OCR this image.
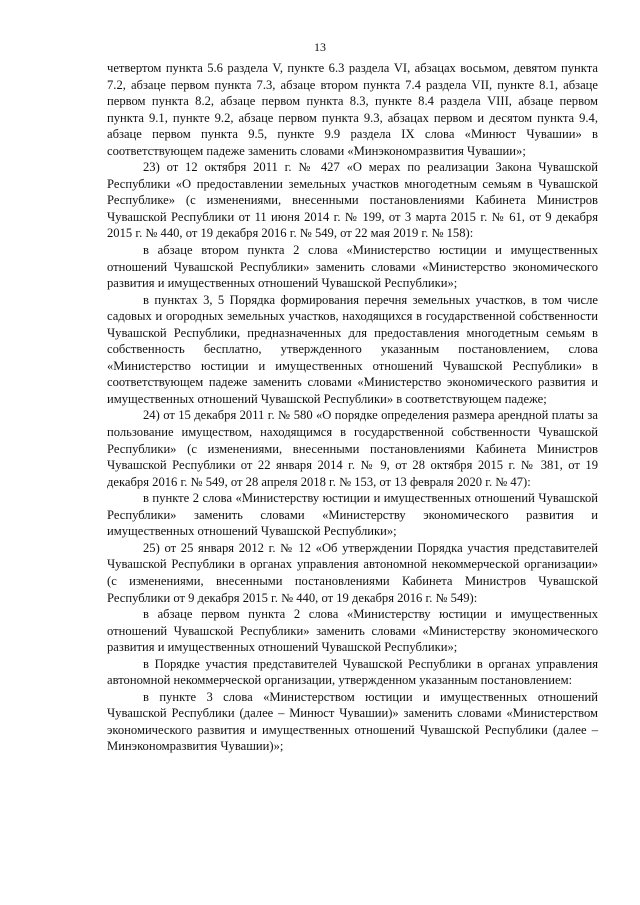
13

четвертом пункта 5.6 раздела V, пункте 6.3 раздела VI, абзацах восьмом, девятом пункта 7.2, абзаце первом пункта 7.3, абзаце втором пункта 7.4 раздела VII, пункте 8.1, абзаце первом пункта 8.2, абзаце первом пункта 8.3, пункте 8.4 раздела VIII, абзаце первом пункта 9.1, пункте 9.2, абзаце первом пункта 9.3, абзацах первом и десятом пункта 9.4, абзаце первом пункта 9.5, пункте 9.9 раздела IX слова «Минюст Чувашии» в соответствующем падеже заменить словами «Минэкономразвития Чувашии»;

23) от 12 октября 2011 г. № 427 «О мерах по реализации Закона Чувашской Республики «О предоставлении земельных участков многодетным семьям в Чувашской Республике» (с изменениями, внесенными постановлениями Кабинета Министров Чувашской Республики от 11 июня 2014 г. № 199, от 3 марта 2015 г. № 61, от 9 декабря 2015 г. № 440, от 19 декабря 2016 г. № 549, от 22 мая 2019 г. № 158):

в абзаце втором пункта 2 слова «Министерство юстиции и имущественных отношений Чувашской Республики» заменить словами «Министерство экономического развития и имущественных отношений Чувашской Республики»;

в пунктах 3, 5 Порядка формирования перечня земельных участков, в том числе садовых и огородных земельных участков, находящихся в государственной собственности Чувашской Республики, предназначенных для предоставления многодетным семьям в собственность бесплатно, утвержденного указанным постановлением, слова «Министерство юстиции и имущественных отношений Чувашской Республики» в соответствующем падеже заменить словами «Министерство экономического развития и имущественных отношений Чувашской Республики» в соответствующем падеже;

24) от 15 декабря 2011 г. № 580 «О порядке определения размера арендной платы за пользование имуществом, находящимся в государственной собственности Чувашской Республики» (с изменениями, внесенными постановлениями Кабинета Министров Чувашской Республики от 22 января 2014 г. № 9, от 28 октября 2015 г. № 381, от 19 декабря 2016 г. № 549, от 28 апреля 2018 г. № 153, от 13 февраля 2020 г. № 47):

в пункте 2 слова «Министерству юстиции и имущественных отношений Чувашской Республики» заменить словами «Министерству экономического развития и имущественных отношений Чувашской Республики»;

25) от 25 января 2012 г. № 12 «Об утверждении Порядка участия представителей Чувашской Республики в органах управления автономной некоммерческой организации» (с изменениями, внесенными постановлениями Кабинета Министров Чувашской Республики от 9 декабря 2015 г. № 440, от 19 декабря 2016 г. № 549):

в абзаце первом пункта 2 слова «Министерству юстиции и имущественных отношений Чувашской Республики» заменить словами «Министерству экономического развития и имущественных отношений Чувашской Республики»;

в Порядке участия представителей Чувашской Республики в органах управления автономной некоммерческой организации, утвержденном указанным постановлением:

в пункте 3 слова «Министерством юстиции и имущественных отношений Чувашской Республики (далее – Минюст Чувашии)» заменить словами «Министерством экономического развития и имущественных отношений Чувашской Республики (далее – Минэкономразвития Чувашии)»;
